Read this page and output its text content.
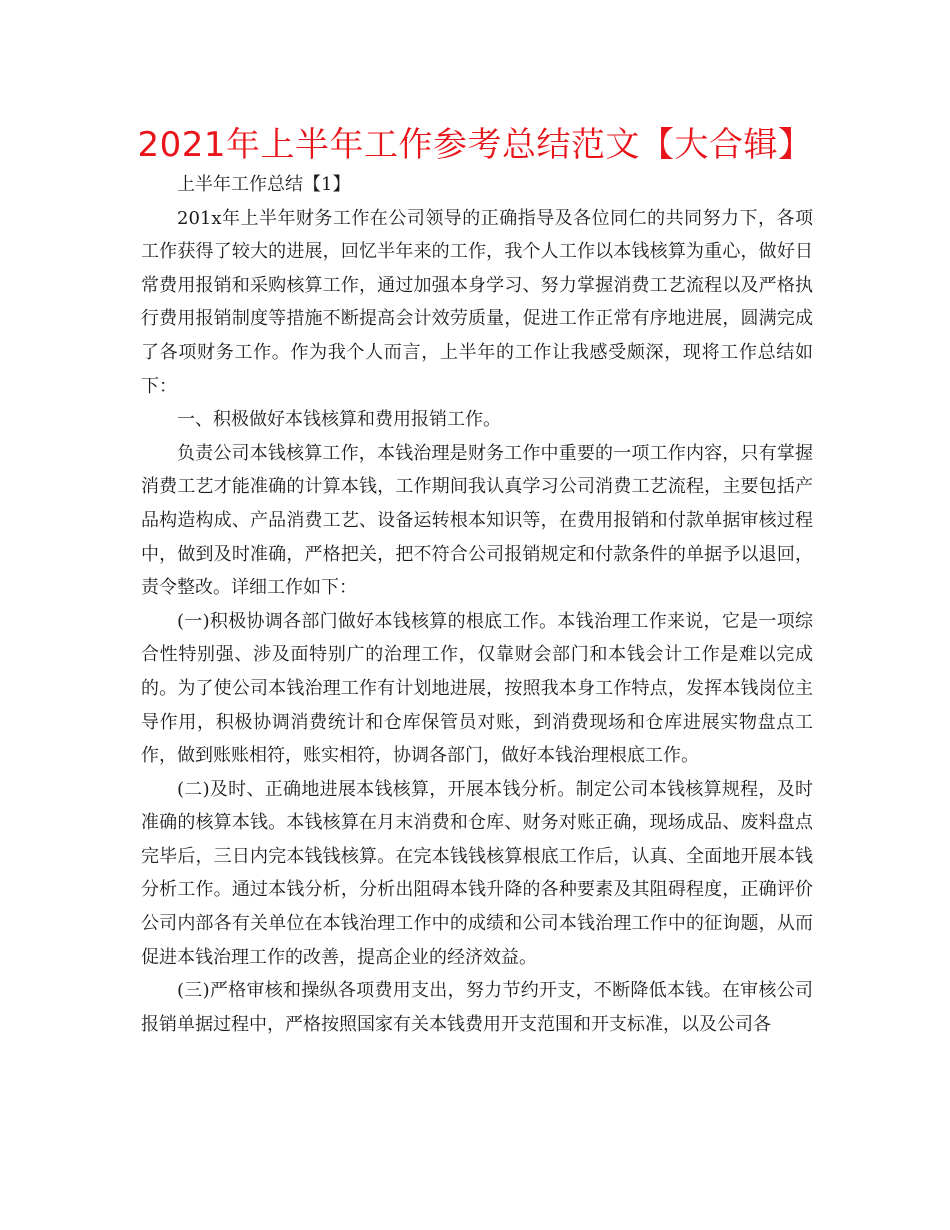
2021年上半年工作参考总结范文【大合辑】

上半年工作总结【1】

201x年上半年财务工作在公司领导的正确指导及各位同仁的共同努力下，各项工作获得了较大的进展，回忆半年来的工作，我个人工作以本钱核算为重心，做好日常费用报销和采购核算工作，通过加强本身学习、努力掌握消费工艺流程以及严格执行费用报销制度等措施不断提高会计效劳质量，促进工作正常有序地进展，圆满完成了各项财务工作。作为我个人而言，上半年的工作让我感受颇深，现将工作总结如下：

一、积极做好本钱核算和费用报销工作。

负责公司本钱核算工作，本钱治理是财务工作中重要的一项工作内容，只有掌握消费工艺才能准确的计算本钱，工作期间我认真学习公司消费工艺流程，主要包括产品构造构成、产品消费工艺、设备运转根本知识等，在费用报销和付款单据审核过程中，做到及时准确，严格把关，把不符合公司报销规定和付款条件的单据予以退回，责令整改。详细工作如下：

(一)积极协调各部门做好本钱核算的根底工作。本钱治理工作来说，它是一项综合性特别强、涉及面特别广的治理工作，仅靠财会部门和本钱会计工作是难以完成的。为了使公司本钱治理工作有计划地进展，按照我本身工作特点，发挥本钱岗位主导作用，积极协调消费统计和仓库保管员对账，到消费现场和仓库进展实物盘点工作，做到账账相符，账实相符，协调各部门，做好本钱治理根底工作。

(二)及时、正确地进展本钱核算，开展本钱分析。制定公司本钱核算规程，及时准确的核算本钱。本钱核算在月末消费和仓库、财务对账正确，现场成品、废料盘点完毕后，三日内完本钱钱核算。在完本钱钱核算根底工作后，认真、全面地开展本钱分析工作。通过本钱分析，分析出阻碍本钱升降的各种要素及其阻碍程度，正确评价公司内部各有关单位在本钱治理工作中的成绩和公司本钱治理工作中的征询题，从而促进本钱治理工作的改善，提高企业的经济效益。

(三)严格审核和操纵各项费用支出，努力节约开支，不断降低本钱。在审核公司报销单据过程中，严格按照国家有关本钱费用开支范围和开支标准，以及公司各
